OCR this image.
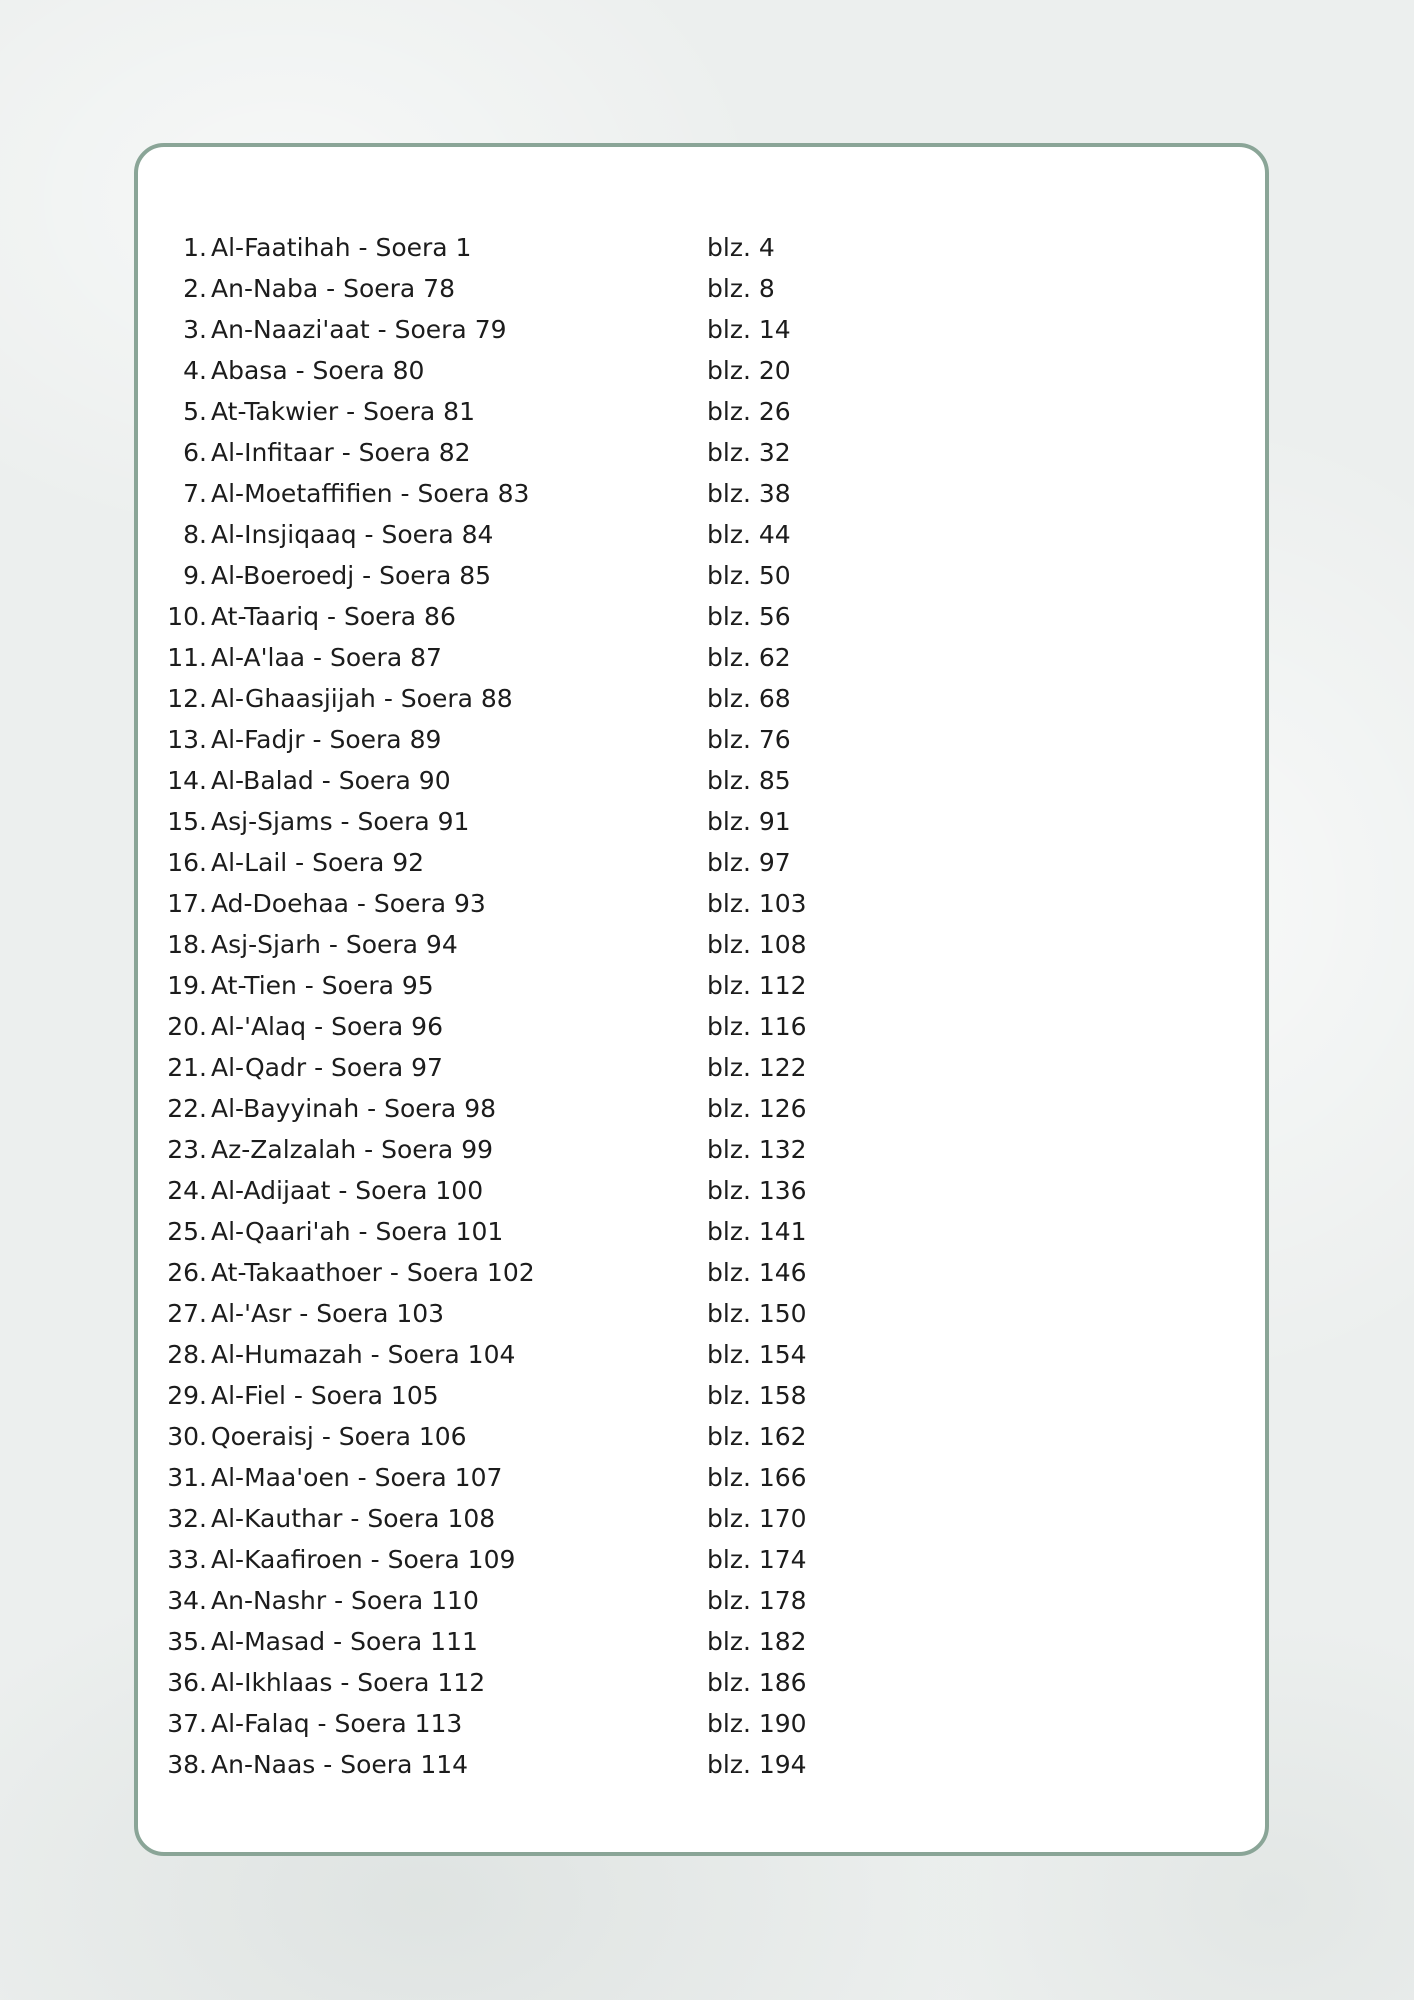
1. Al-Faatihah - Soera 1	blz. 4
2. An-Naba - Soera 78	blz. 8
3. An-Naazi'aat - Soera 79	blz. 14
4. Abasa - Soera 80	blz. 20
5. At-Takwier - Soera 81	blz. 26
6. Al-Infitaar - Soera 82	blz. 32
7. Al-Moetaffifien - Soera 83	blz. 38
8. Al-Insjiqaaq - Soera 84	blz. 44
9. Al-Boeroedj - Soera 85	blz. 50
10. At-Taariq - Soera 86	blz. 56
11. Al-A'laa - Soera 87	blz. 62
12. Al-Ghaasjijah - Soera 88	blz. 68
13. Al-Fadjr - Soera 89	blz. 76
14. Al-Balad - Soera 90	blz. 85
15. Asj-Sjams - Soera 91	blz. 91
16. Al-Lail - Soera 92	blz. 97
17. Ad-Doehaa - Soera 93	blz. 103
18. Asj-Sjarh - Soera 94	blz. 108
19. At-Tien - Soera 95	blz. 112
20. Al-'Alaq - Soera 96	blz. 116
21. Al-Qadr - Soera 97	blz. 122
22. Al-Bayyinah - Soera 98	blz. 126
23. Az-Zalzalah - Soera 99	blz. 132
24. Al-Adijaat - Soera 100	blz. 136
25. Al-Qaari'ah - Soera 101	blz. 141
26. At-Takaathoer - Soera 102	blz. 146
27. Al-'Asr - Soera 103	blz. 150
28. Al-Humazah - Soera 104	blz. 154
29. Al-Fiel - Soera 105	blz. 158
30. Qoeraisj - Soera 106	blz. 162
31. Al-Maa'oen - Soera 107	blz. 166
32. Al-Kauthar - Soera 108	blz. 170
33. Al-Kaafiroen - Soera 109	blz. 174
34. An-Nashr - Soera 110	blz. 178
35. Al-Masad - Soera 111	blz. 182
36. Al-Ikhlaas - Soera 112	blz. 186
37. Al-Falaq - Soera 113	blz. 190
38. An-Naas - Soera 114	blz. 194
